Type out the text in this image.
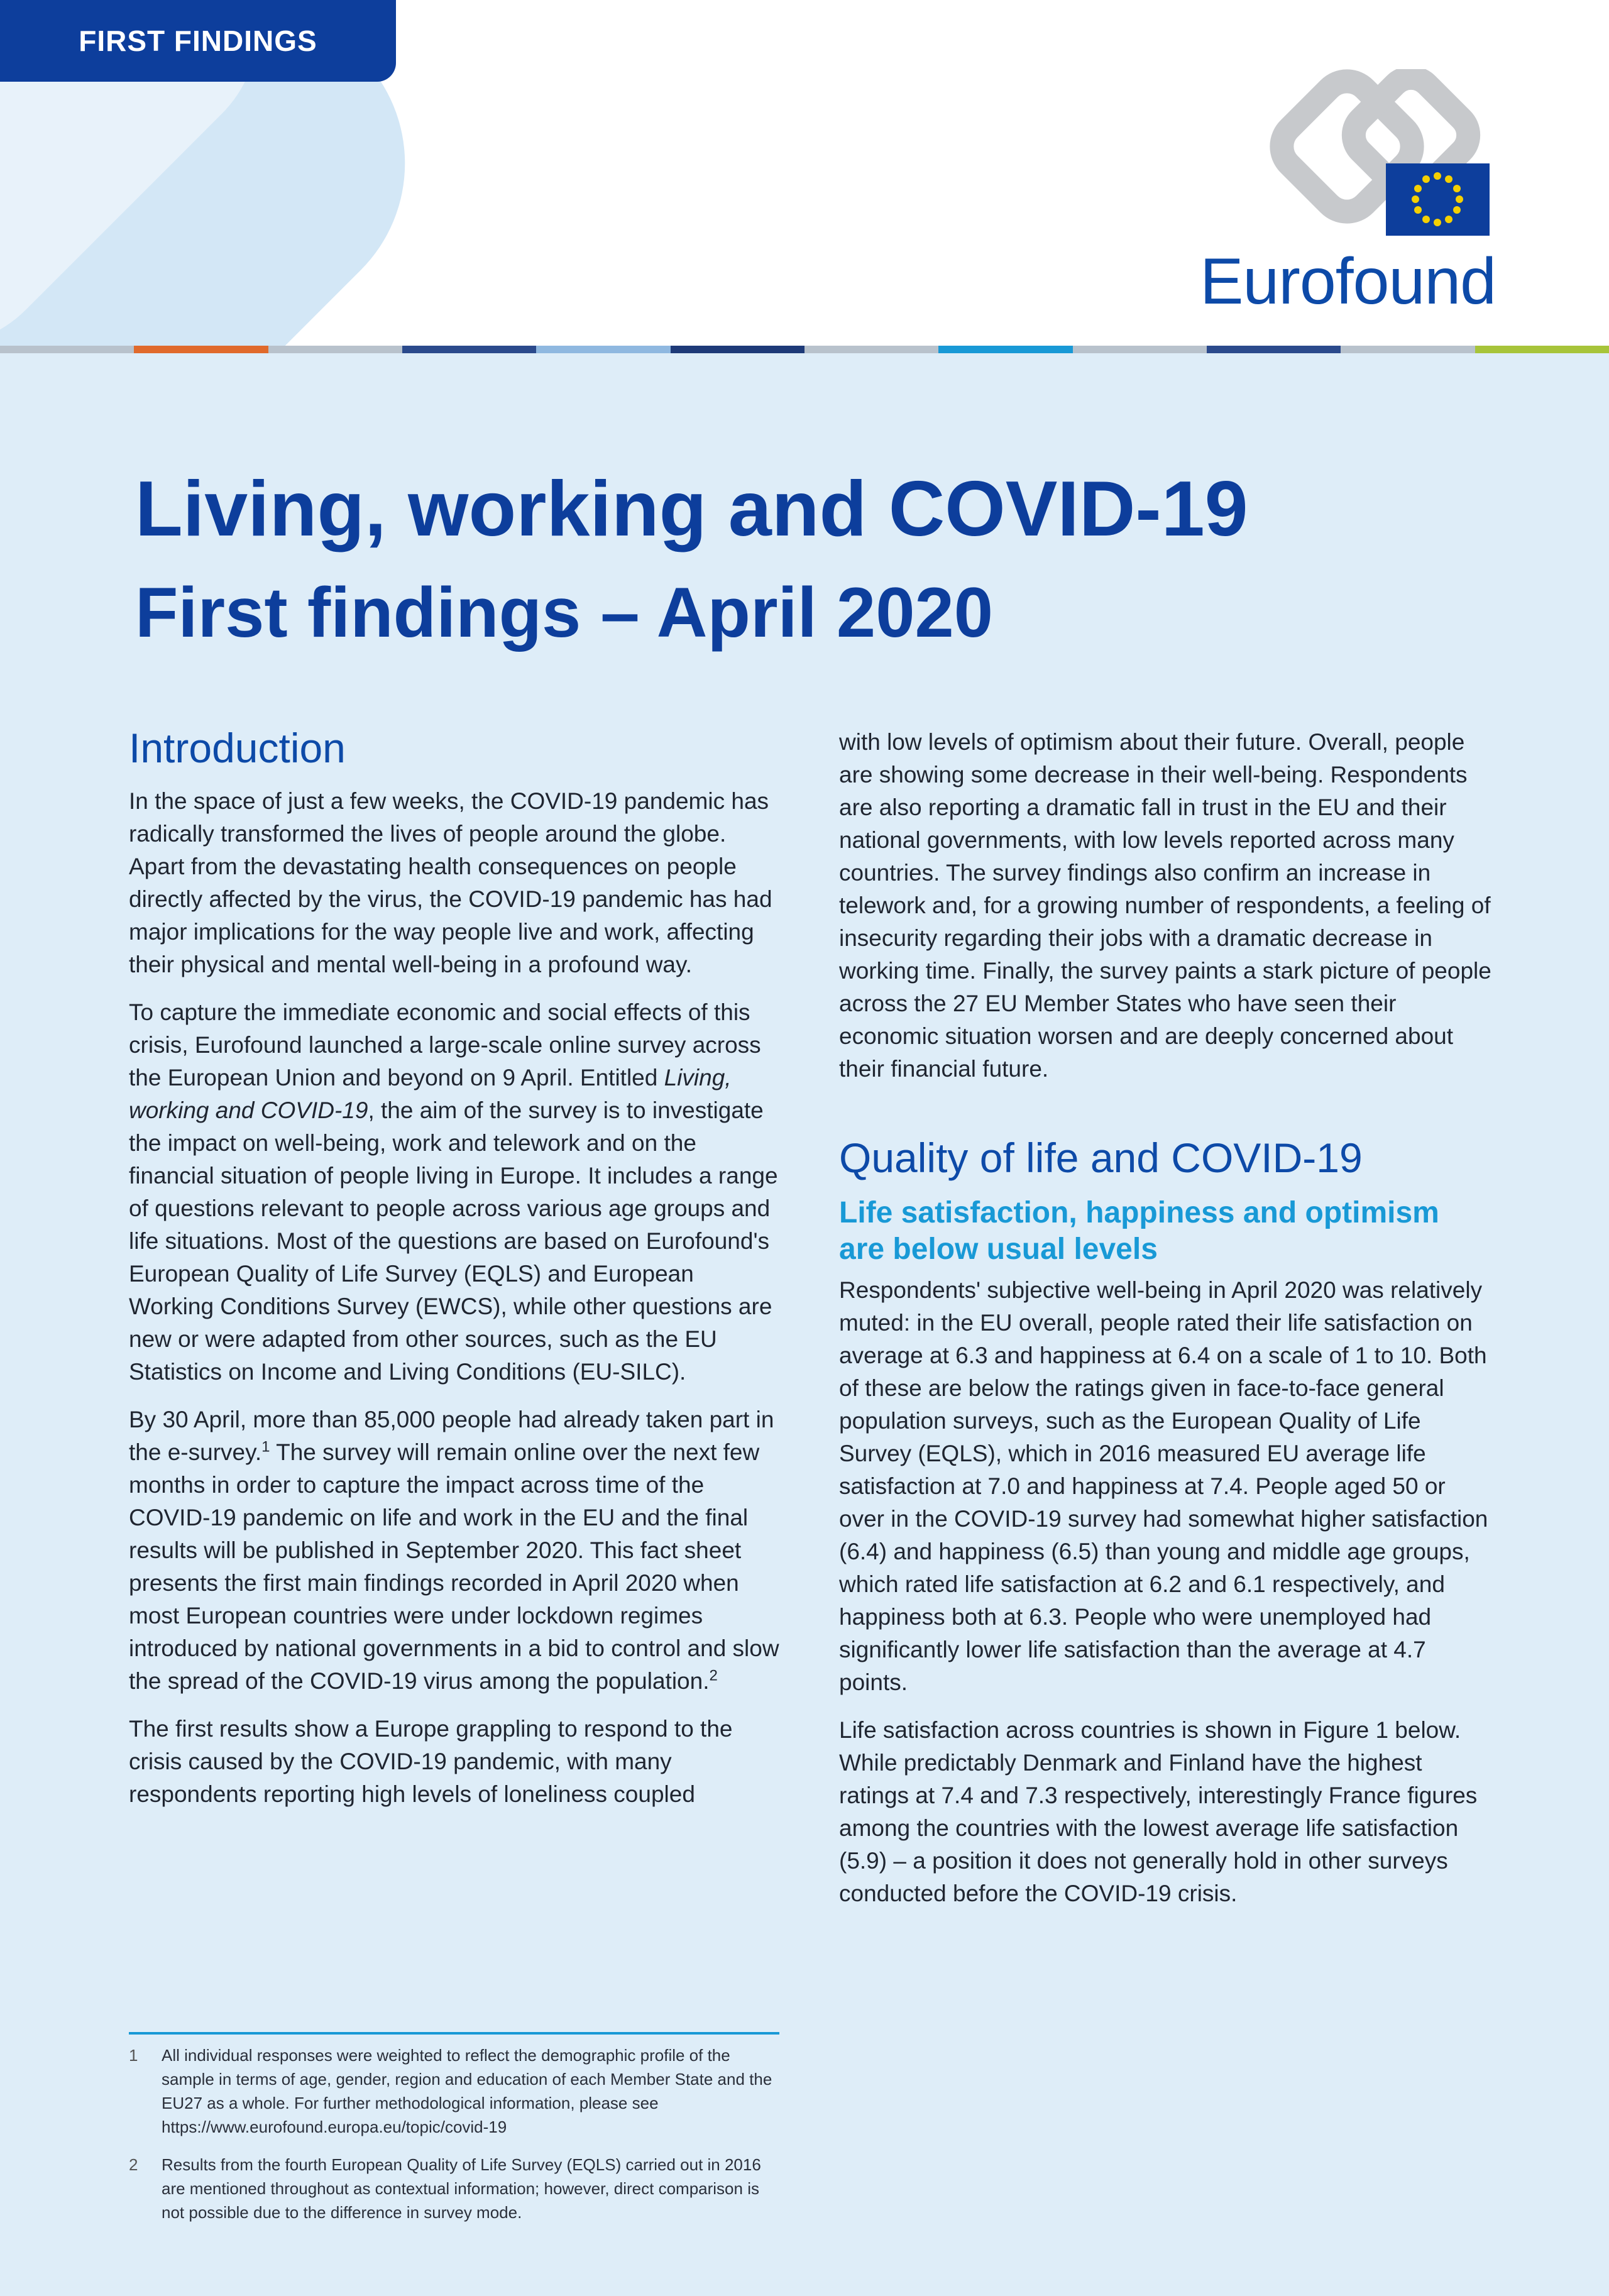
FIRST FINDINGS
Eurofound
Living, working and COVID-19
First findings – April 2020
Introduction

In the space of just a few weeks, the COVID-19 pandemic has radically transformed the lives of people around the globe. Apart from the devastating health consequences on people directly affected by the virus, the COVID-19 pandemic has had major implications for the way people live and work, affecting their physical and mental well-being in a profound way.

To capture the immediate economic and social effects of this crisis, Eurofound launched a large-scale online survey across the European Union and beyond on 9 April. Entitled Living, working and COVID-19, the aim of the survey is to investigate the impact on well-being, work and telework and on the financial situation of people living in Europe. It includes a range of questions relevant to people across various age groups and life situations. Most of the questions are based on Eurofound's European Quality of Life Survey (EQLS) and European Working Conditions Survey (EWCS), while other questions are new or were adapted from other sources, such as the EU Statistics on Income and Living Conditions (EU-SILC).

By 30 April, more than 85,000 people had already taken part in the e-survey.$^1$ The survey will remain online over the next few months in order to capture the impact across time of the COVID-19 pandemic on life and work in the EU and the final results will be published in September 2020. This fact sheet presents the first main findings recorded in April 2020 when most European countries were under lockdown regimes introduced by national governments in a bid to control and slow the spread of the COVID-19 virus among the population.$^2$

The first results show a Europe grappling to respond to the crisis caused by the COVID-19 pandemic, with many respondents reporting high levels of loneliness coupled

with low levels of optimism about their future. Overall, people are showing some decrease in their well-being. Respondents are also reporting a dramatic fall in trust in the EU and their national governments, with low levels reported across many countries. The survey findings also confirm an increase in telework and, for a growing number of respondents, a feeling of insecurity regarding their jobs with a dramatic decrease in working time. Finally, the survey paints a stark picture of people across the 27 EU Member States who have seen their economic situation worsen and are deeply concerned about their financial future.

Quality of life and COVID-19
Life satisfaction, happiness and optimism are below usual levels

Respondents' subjective well-being in April 2020 was relatively muted: in the EU overall, people rated their life satisfaction on average at 6.3 and happiness at 6.4 on a scale of 1 to 10. Both of these are below the ratings given in face-to-face general population surveys, such as the European Quality of Life Survey (EQLS), which in 2016 measured EU average life satisfaction at 7.0 and happiness at 7.4. People aged 50 or over in the COVID-19 survey had somewhat higher satisfaction (6.4) and happiness (6.5) than young and middle age groups, which rated life satisfaction at 6.2 and 6.1 respectively, and happiness both at 6.3. People who were unemployed had significantly lower life satisfaction than the average at 4.7 points.

Life satisfaction across countries is shown in Figure 1 below. While predictably Denmark and Finland have the highest ratings at 7.4 and 7.3 respectively, interestingly France figures among the countries with the lowest average life satisfaction (5.9) – a position it does not generally hold in other surveys conducted before the COVID-19 crisis.

1	All individual responses were weighted to reflect the demographic profile of the sample in terms of age, gender, region and education of each Member State and the EU27 as a whole. For further methodological information, please see https://www.eurofound.europa.eu/topic/covid-19
2	Results from the fourth European Quality of Life Survey (EQLS) carried out in 2016 are mentioned throughout as contextual information; however, direct comparison is not possible due to the difference in survey mode.
